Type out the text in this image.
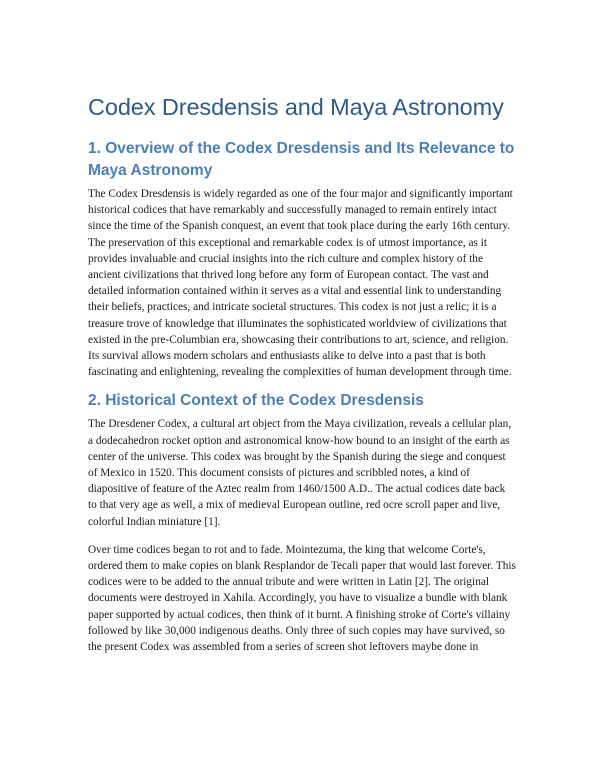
Codex Dresdensis and Maya Astronomy
1. Overview of the Codex Dresdensis and Its Relevance to Maya Astronomy

The Codex Dresdensis is widely regarded as one of the four major and significantly important historical codices that have remarkably and successfully managed to remain entirely intact since the time of the Spanish conquest, an event that took place during the early 16th century. The preservation of this exceptional and remarkable codex is of utmost importance, as it provides invaluable and crucial insights into the rich culture and complex history of the ancient civilizations that thrived long before any form of European contact. The vast and detailed information contained within it serves as a vital and essential link to understanding their beliefs, practices, and intricate societal structures. This codex is not just a relic; it is a treasure trove of knowledge that illuminates the sophisticated worldview of civilizations that existed in the pre-Columbian era, showcasing their contributions to art, science, and religion. Its survival allows modern scholars and enthusiasts alike to delve into a past that is both fascinating and enlightening, revealing the complexities of human development through time.

2. Historical Context of the Codex Dresdensis

The Dresdener Codex, a cultural art object from the Maya civilization, reveals a cellular plan, a dodecahedron rocket option and astronomical know-how bound to an insight of the earth as center of the universe. This codex was brought by the Spanish during the siege and conquest of Mexico in 1520. This document consists of pictures and scribbled notes, a kind of diapositive of feature of the Aztec realm from 1460/1500 A.D.. The actual codices date back to that very age as well, a mix of medieval European outline, red ocre scroll paper and live, colorful Indian miniature [1].

Over time codices began to rot and to fade. Mointezuma, the king that welcome Corte's, ordered them to make copies on blank Resplandor de Tecali paper that would last forever. This codices were to be added to the annual tribute and were written in Latin [2]. The original documents were destroyed in Xahila. Accordingly, you have to visualize a bundle with blank paper supported by actual codices, then think of it burnt. A finishing stroke of Corte's villainy followed by like 30,000 indigenous deaths. Only three of such copies may have survived, so the present Codex was assembled from a series of screen shot leftovers maybe done in
